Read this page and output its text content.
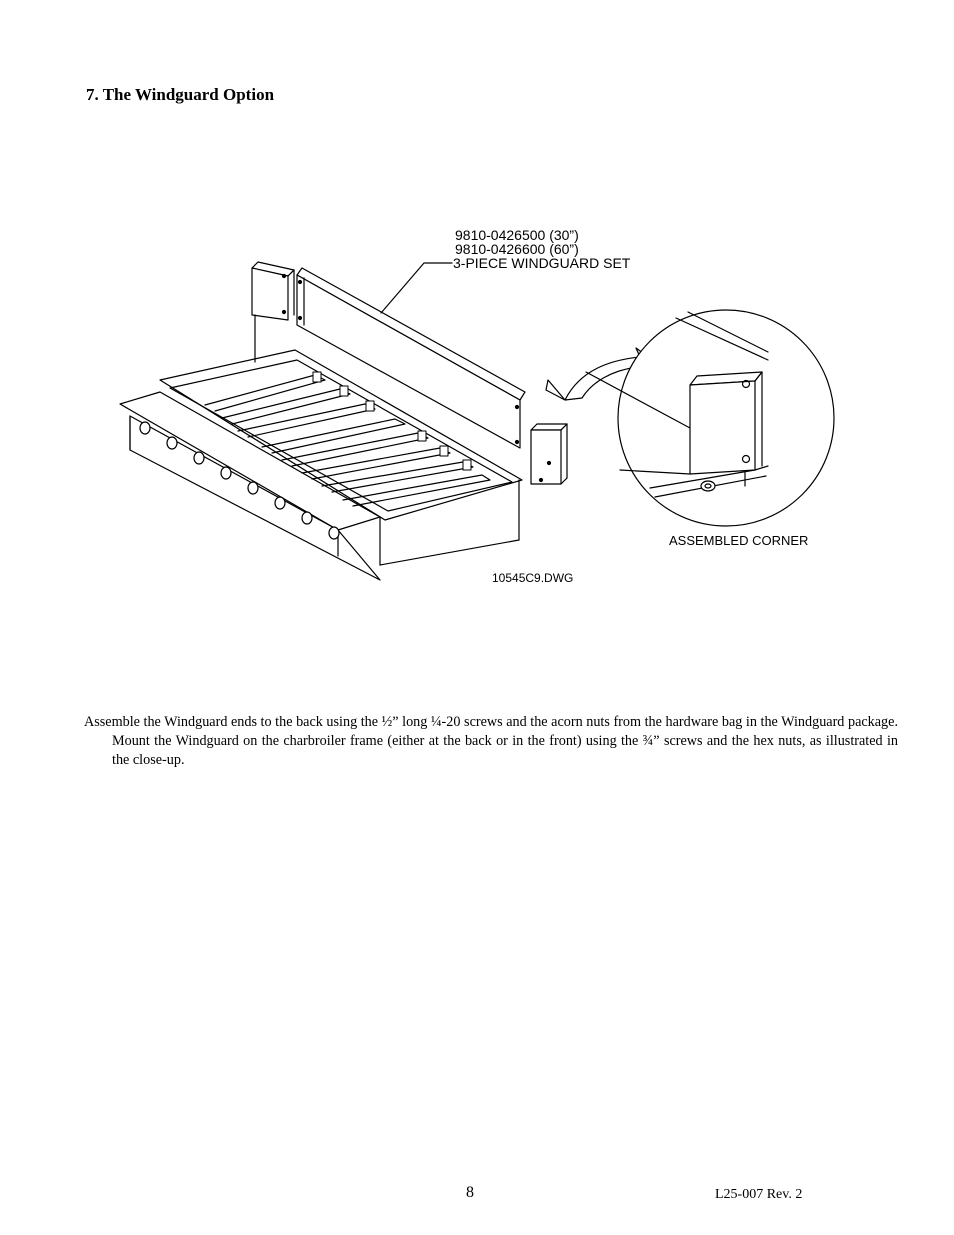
7. The Windguard Option
9810-0426500 (30”)
9810-0426600 (60”)
3-PIECE WINDGUARD SET
ASSEMBLED CORNER
10545C9.DWG

Assemble the Windguard ends to the back using the ½” long ¼-20 screws and the acorn nuts from the hardware bag in the Windguard package. Mount the Windguard on the charbroiler frame (either at the back or in the front) using the ¾” screws and the hex nuts, as illustrated in the close-up.

8	L25-007 Rev. 2
